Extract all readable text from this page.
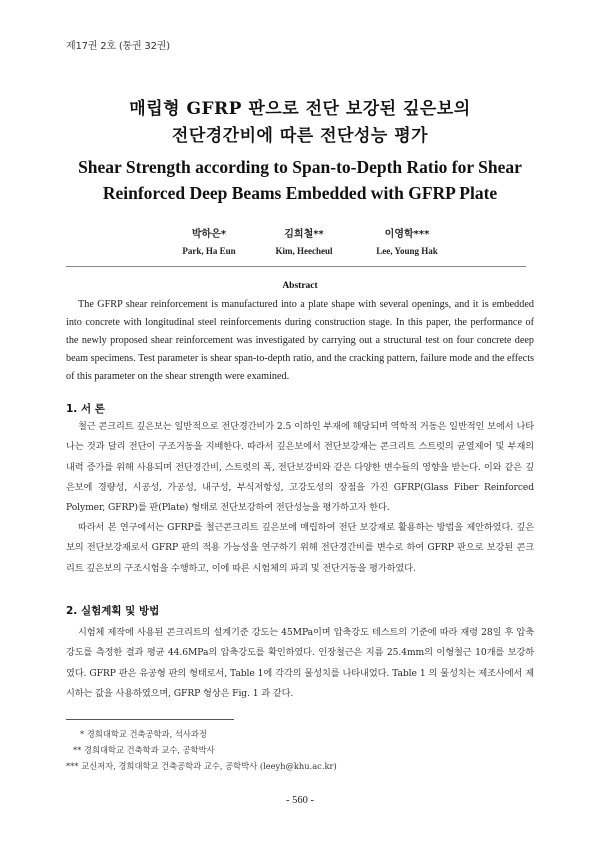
제17권 2호 (통권 32권)
매립형 GFRP 판으로 전단 보강된 깊은보의
전단경간비에 따른 전단성능 평가
Shear Strength according to Span-to-Depth Ratio for Shear
Reinforced Deep Beams Embedded with GFRP Plate
박하은*
Park, Ha Eun
김희철**
Kim, Heecheul
이영학***
Lee, Young Hak
Abstract

The GFRP shear reinforcement is manufactured into a plate shape with several openings, and it is embedded into concrete with longitudinal steel reinforcements during construction stage. In this paper, the performance of the newly proposed shear reinforcement was investigated by carrying out a structural test on four concrete deep beam specimens. Test parameter is shear span-to-depth ratio, and the cracking pattern, failure mode and the effects of this parameter on the shear strength were examined.

1. 서 론

철근 콘크리트 깊은보는 일반적으로 전단경간비가 2.5 이하인 부재에 해당되며 역학적 거동은 일반적인 보에서 나타나는 것과 달리 전단이 구조거동을 지배한다. 따라서 깊은보에서 전단보강재는 콘크리트 스트럿의 균열제어 및 부재의 내력 증가를 위해 사용되며 전단경간비, 스트럿의 폭, 전단보강비와 같은 다양한 변수들의 영향을 받는다. 이와 같은 깊은보에 경량성, 시공성, 가공성, 내구성, 부식저항성, 고강도성의 장점을 가진 GFRP(Glass Fiber Reinforced Polymer, GFRP)를 판(Plate) 형태로 전단보강하여 전단성능을 평가하고자 한다.

따라서 본 연구에서는 GFRP를 철근콘크리트 깊은보에 매립하여 전단 보강재로 활용하는 방법을 제안하였다. 깊은보의 전단보강재로서 GFRP 판의 적용 가능성을 연구하기 위해 전단경간비를 변수로 하여 GFRP 판으로 보강된 콘크리트 깊은보의 구조시험을 수행하고, 이에 따른 시험체의 파괴 및 전단거동을 평가하였다.

2. 실험계획 및 방법

시험체 제작에 사용된 콘크리트의 설계기준 강도는 45MPa이며 압축강도 테스트의 기준에 따라 재령 28일 후 압축강도를 측정한 결과 평균 44.6MPa의 압축강도를 확인하였다. 인장철근은 지름 25.4mm의 이형철근 10개를 보강하였다. GFRP 판은 유공형 판의 형태로서, Table 1에 각각의 물성치를 나타내었다. Table 1 의 물성치는 제조사에서 제시하는 값을 사용하였으며, GFRP 형상은 Fig. 1 과 같다.

* 경희대학교 건축공학과, 석사과정
** 경희대학교 건축학과 교수, 공학박사
*** 교신저자, 경희대학교 건축공학과 교수, 공학박사 (leeyh@khu.ac.kr)
- 560 -
